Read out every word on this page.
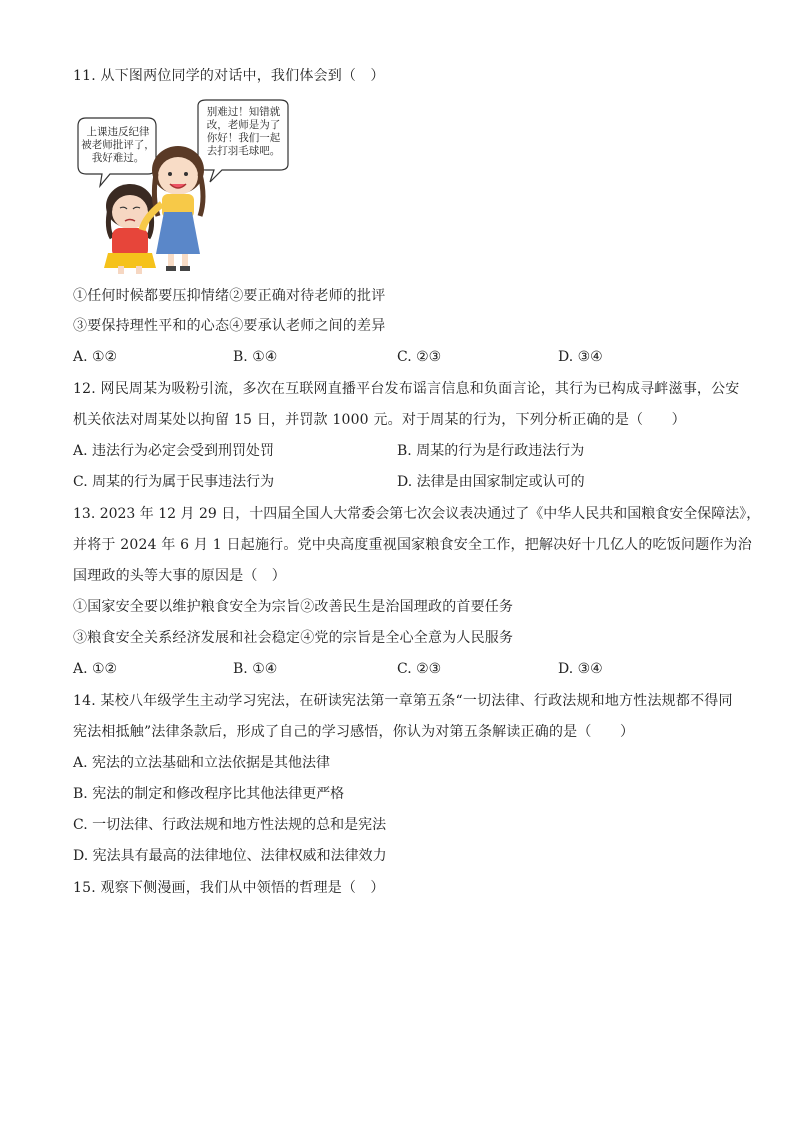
11. 从下图两位同学的对话中，我们体会到（　）
上课违反纪律
被老师批评了，
我好难过。
别难过！知错就
改，老师是为了
你好！我们一起
去打羽毛球吧。
①任何时候都要压抑情绪②要正确对待老师的批评
③要保持理性平和的心态④要承认老师之间的差异
A. ①②	B. ①④	C. ②③	D. ③④
12. 网民周某为吸粉引流，多次在互联网直播平台发布谣言信息和负面言论，其行为已构成寻衅滋事，公安
机关依法对周某处以拘留 15 日，并罚款 1000 元。对于周某的行为，下列分析正确的是（　　）
A. 违法行为必定会受到刑罚处罚	B. 周某的行为是行政违法行为
C. 周某的行为属于民事违法行为	D. 法律是由国家制定或认可的
13. 2023 年 12 月 29 日，十四届全国人大常委会第七次会议表决通过了《中华人民共和国粮食安全保障法》，
并将于 2024 年 6 月 1 日起施行。党中央高度重视国家粮食安全工作，把解决好十几亿人的吃饭问题作为治
国理政的头等大事的原因是（　）
①国家安全要以维护粮食安全为宗旨②改善民生是治国理政的首要任务
③粮食安全关系经济发展和社会稳定④党的宗旨是全心全意为人民服务
A. ①②	B. ①④	C. ②③	D. ③④
14. 某校八年级学生主动学习宪法，在研读宪法第一章第五条“一切法律、行政法规和地方性法规都不得同
宪法相抵触”法律条款后，形成了自己的学习感悟，你认为对第五条解读正确的是（　　）
A. 宪法的立法基础和立法依据是其他法律
B. 宪法的制定和修改程序比其他法律更严格
C. 一切法律、行政法规和地方性法规的总和是宪法
D. 宪法具有最高的法律地位、法律权威和法律效力
15. 观察下侧漫画，我们从中领悟的哲理是（　）
